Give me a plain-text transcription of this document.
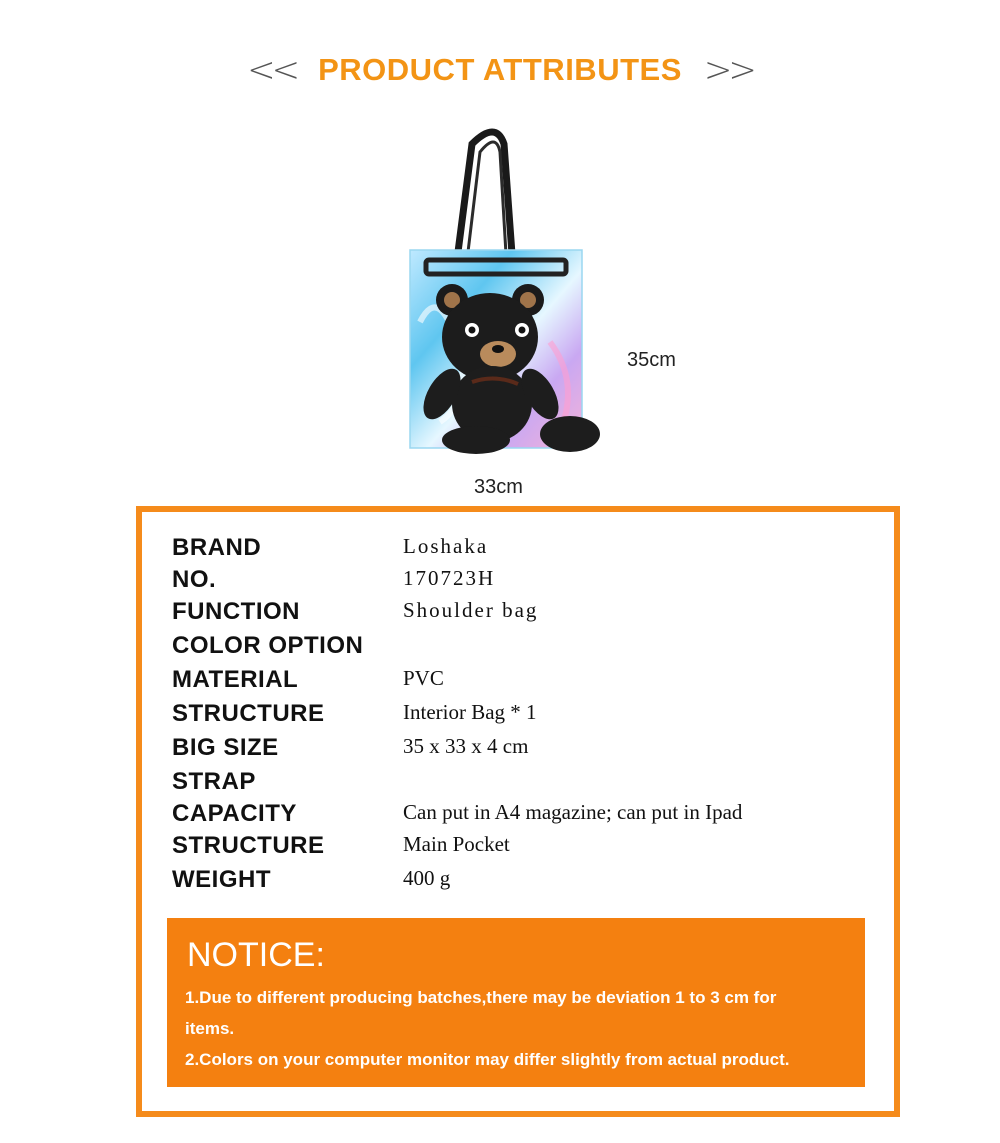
<< PRODUCT ATTRIBUTES >>
35cm
33cm
BRAND	Loshaka
NO.	170723H
FUNCTION	Shoulder bag
COLOR OPTION
MATERIAL	PVC
STRUCTURE	Interior Bag * 1
BIG SIZE	35 x 33 x 4 cm
STRAP
CAPACITY	Can put in A4 magazine; can put in Ipad
STRUCTURE	Main Pocket
WEIGHT	400 g
NOTICE:
1.Due to different producing batches,there may be deviation 1 to 3 cm for
items.
2.Colors on your computer monitor may differ slightly from actual product.
